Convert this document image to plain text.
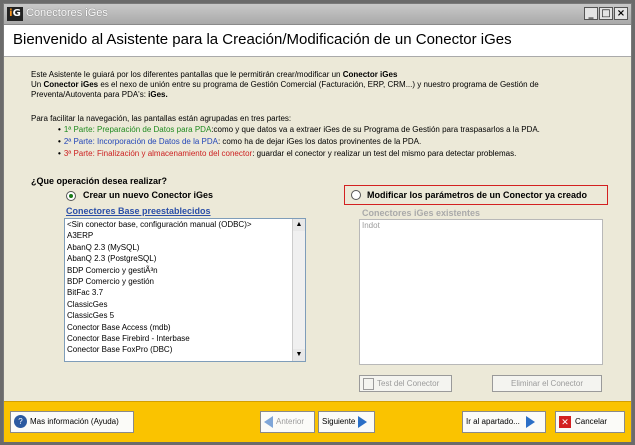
iG Conectores iGes	_ □ ×
Bienvenido al Asistente para la Creación/Modificación de un Conector iGes
Este Asistente le guiará por los diferentes pantallas que le permitirán crear/modificar un Conector iGes
Un Conector iGes es el nexo de unión entre su programa de Gestión Comercial (Facturación, ERP, CRM...) y nuestro programa de Gestión de
Preventa/Autoventa para PDA's: iGes.
Para facilitar la navegación, las pantallas están agrupadas en tres partes:
• 1ª Parte: Preparación de Datos para PDA:como y que datos va a extraer iGes de su Programa de Gestión para traspasarlos a la PDA.
• 2ª Parte: Incorporación de Datos de la PDA: como ha de dejar iGes los datos provinentes de la PDA.
• 3ª Parte: Finalización y almacenamiento del conector: guardar el conector y realizar un test del mismo para detectar problemas.
¿Que operación desea realizar?
Crear un nuevo Conector iGes
Conectores Base preestablecidos
<Sin conector base, configuración manual (ODBC)>
A3ERP
AbanQ 2.3 (MySQL)
AbanQ 2.3 (PostgreSQL)
BDP Comercio y gestiÃ³n
BDP Comercio y gestión
BitFac 3.7
ClassicGes
ClassicGes 5
Conector Base Access (mdb)
Conector Base Firebird - Interbase
Conector Base FoxPro (DBC)
▲
▼
Modificar los parámetros de un Conector ya creado
Conectores iGes existentes
Indot
Test del Conector	Eliminar el Conector
? Mas información (Ayuda)	Anterior	Siguiente	Ir al apartado...	✕ Cancelar
